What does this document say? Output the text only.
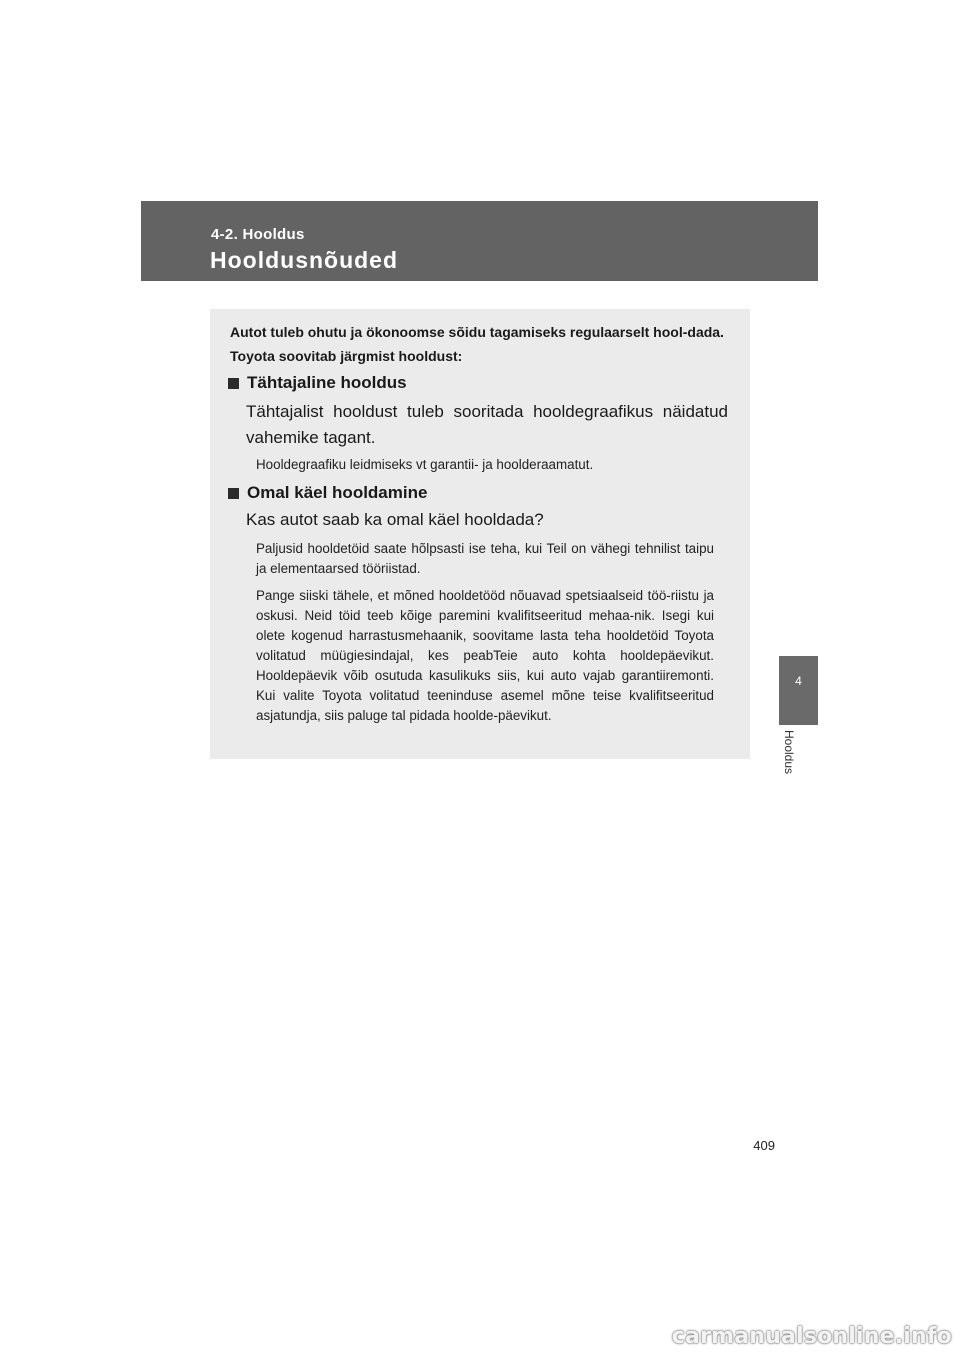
4-2. Hooldus
Hooldusnõuded
Autot tuleb ohutu ja ökonoomse sõidu tagamiseks regulaarselt hool-dada. Toyota soovitab järgmist hooldust:
Tähtajaline hooldus
Tähtajalist hooldust tuleb sooritada hooldegraafikus näidatud vahemike tagant.
Hooldegraafiku leidmiseks vt garantii- ja hoolderaamatut.
Omal käel hooldamine
Kas autot saab ka omal käel hooldada?
Paljusid hooldetöid saate hõlpsasti ise teha, kui Teil on vähegi tehnilist taipu ja elementaarsed tööriistad.
Pange siiski tähele, et mõned hooldetööd nõuavad spetsiaalseid töö-riistu ja oskusi. Neid töid teeb kõige paremini kvalifitseeritud mehaa-nik. Isegi kui olete kogenud harrastusmehaanik, soovitame lasta teha hooldetöid Toyota volitatud müügiesindajal, kes peabTeie auto kohta hooldepäevikut. Hooldepäevik võib osutuda kasulikuks siis, kui auto vajab garantiiremonti. Kui valite Toyota volitatud teeninduse asemel mõne teise kvalifitseeritud asjatundja, siis paluge tal pidada hoolde-päevikut.
4
Hooldus
409
carmanualsonline.info
